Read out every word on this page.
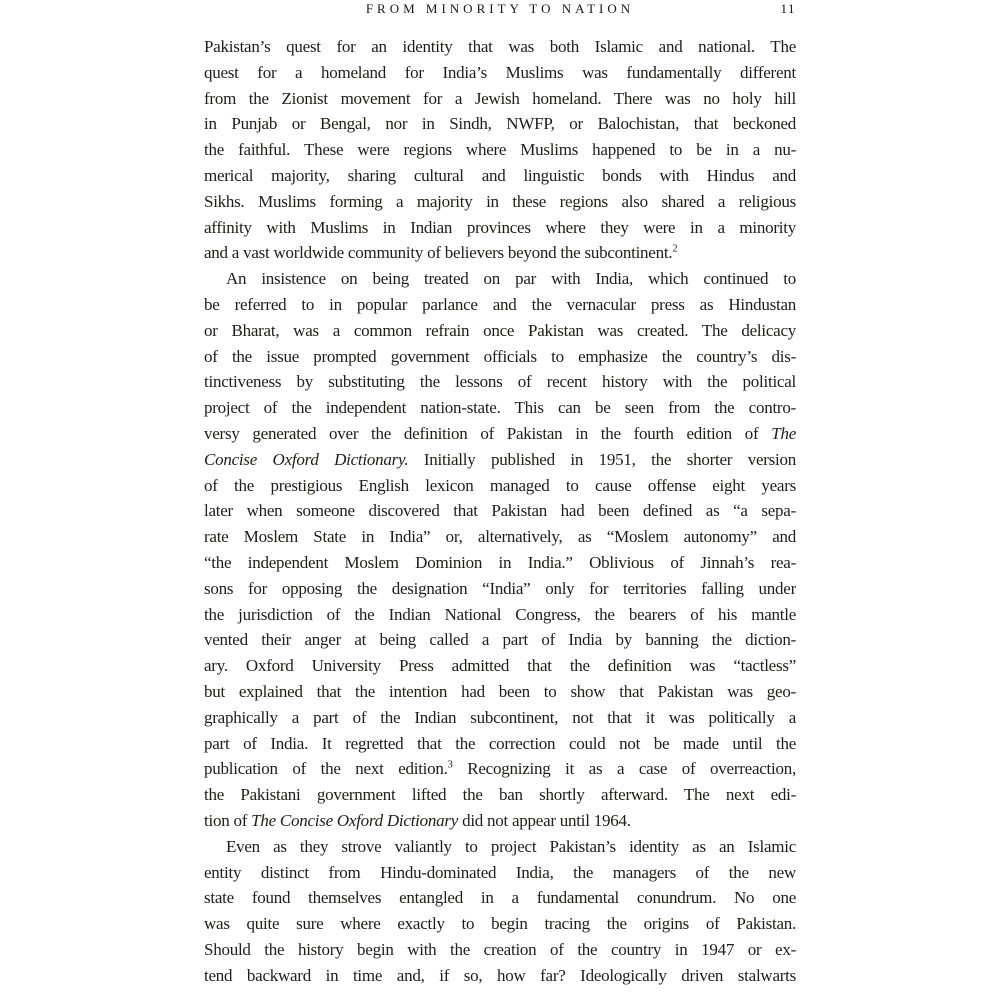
FROM MINORITY TO NATION	11
Pakistan’s quest for an identity that was both Islamic and national. The
quest for a homeland for India’s Muslims was fundamentally different
from the Zionist movement for a Jewish homeland. There was no holy hill
in Punjab or Bengal, nor in Sindh, NWFP, or Balochistan, that beckoned
the faithful. These were regions where Muslims happened to be in a nu-
merical majority, sharing cultural and linguistic bonds with Hindus and
Sikhs. Muslims forming a majority in these regions also shared a religious
affinity with Muslims in Indian provinces where they were in a minority
and a vast worldwide community of believers beyond the subcontinent.$^2$
An insistence on being treated on par with India, which continued to
be referred to in popular parlance and the vernacular press as Hindustan
or Bharat, was a common refrain once Pakistan was created. The delicacy
of the issue prompted government officials to emphasize the country’s dis-
tinctiveness by substituting the lessons of recent history with the political
project of the independent nation-state. This can be seen from the contro-
versy generated over the definition of Pakistan in the fourth edition of The
Concise Oxford Dictionary. Initially published in 1951, the shorter version
of the prestigious English lexicon managed to cause offense eight years
later when someone discovered that Pakistan had been defined as “a sepa-
rate Moslem State in India” or, alternatively, as “Moslem autonomy” and
“the independent Moslem Dominion in India.” Oblivious of Jinnah’s rea-
sons for opposing the designation “India” only for territories falling under
the jurisdiction of the Indian National Congress, the bearers of his mantle
vented their anger at being called a part of India by banning the diction-
ary. Oxford University Press admitted that the definition was “tactless”
but explained that the intention had been to show that Pakistan was geo-
graphically a part of the Indian subcontinent, not that it was politically a
part of India. It regretted that the correction could not be made until the
publication of the next edition.$^3$ Recognizing it as a case of overreaction,
the Pakistani government lifted the ban shortly afterward. The next edi-
tion of The Concise Oxford Dictionary did not appear until 1964.
Even as they strove valiantly to project Pakistan’s identity as an Islamic
entity distinct from Hindu-dominated India, the managers of the new
state found themselves entangled in a fundamental conundrum. No one
was quite sure where exactly to begin tracing the origins of Pakistan.
Should the history begin with the creation of the country in 1947 or ex-
tend backward in time and, if so, how far? Ideologically driven stalwarts
